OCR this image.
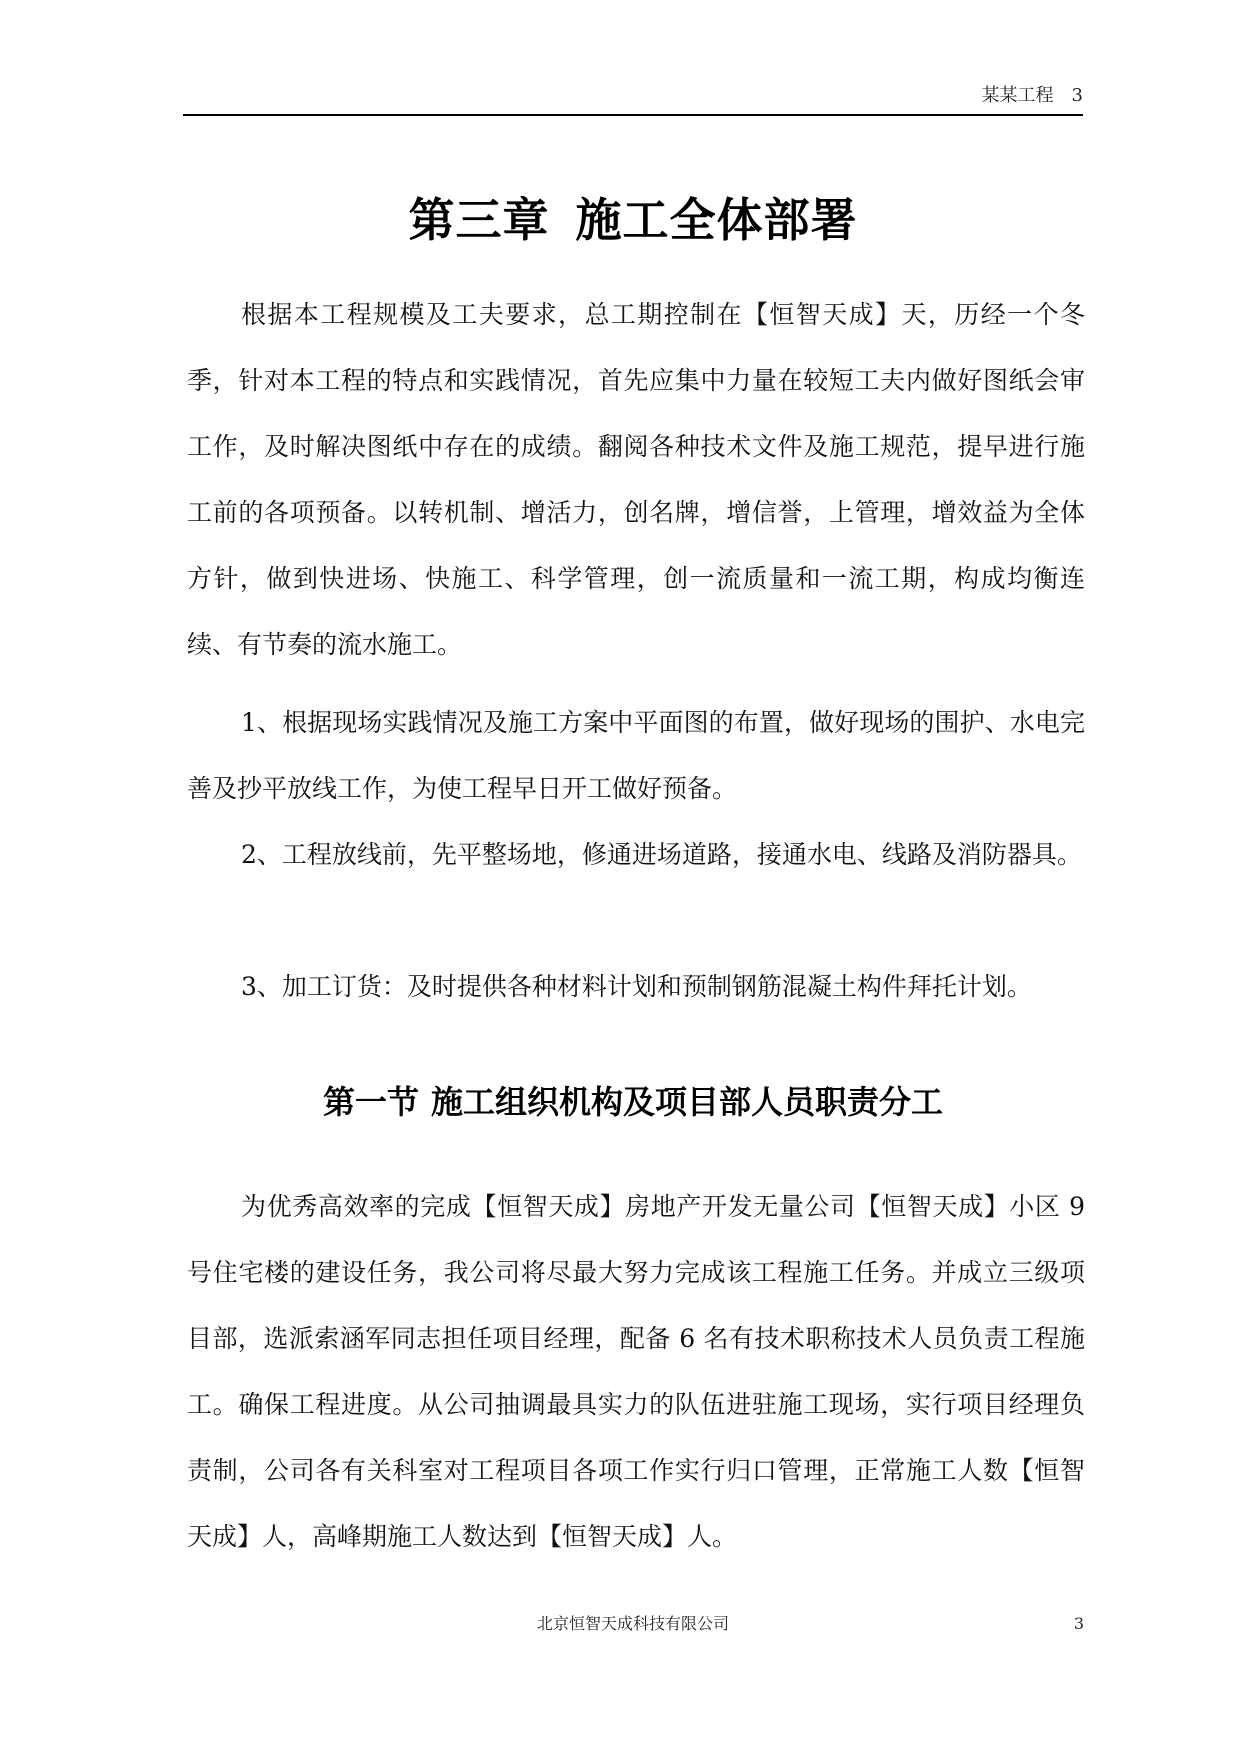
某某工程 3
第三章 施工全体部署
根据本工程规模及工夫要求，总工期控制在【恒智天成】天，历经一个冬季，针对本工程的特点和实践情况，首先应集中力量在较短工夫内做好图纸会审工作，及时解决图纸中存在的成绩。翻阅各种技术文件及施工规范，提早进行施工前的各项预备。以转机制、增活力，创名牌，增信誉，上管理，增效益为全体方针，做到快进场、快施工、科学管理，创一流质量和一流工期，构成均衡连续、有节奏的流水施工。
1、根据现场实践情况及施工方案中平面图的布置，做好现场的围护、水电完善及抄平放线工作，为使工程早日开工做好预备。
2、工程放线前，先平整场地，修通进场道路，接通水电、线路及消防器具。
3、加工订货：及时提供各种材料计划和预制钢筋混凝土构件拜托计划。
第一节 施工组织机构及项目部人员职责分工
为优秀高效率的完成【恒智天成】房地产开发无量公司【恒智天成】小区 9 号住宅楼的建设任务，我公司将尽最大努力完成该工程施工任务。并成立三级项目部，选派索涵军同志担任项目经理，配备 6 名有技术职称技术人员负责工程施工。确保工程进度。从公司抽调最具实力的队伍进驻施工现场，实行项目经理负责制，公司各有关科室对工程项目各项工作实行归口管理，正常施工人数【恒智天成】人，高峰期施工人数达到【恒智天成】人。
北京恒智天成科技有限公司	3
